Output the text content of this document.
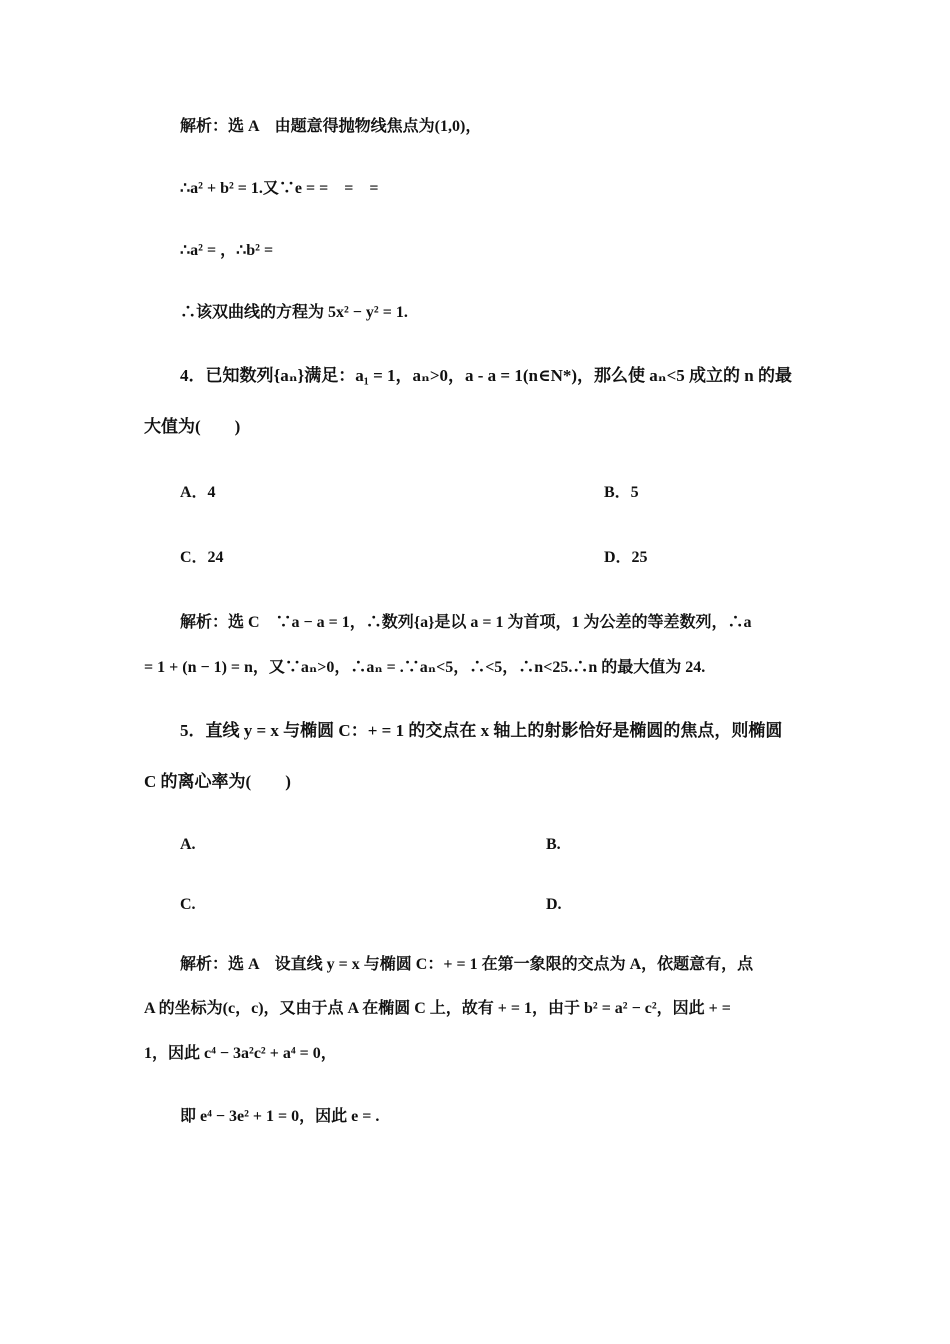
解析：选 A　由题意得抛物线焦点为(1,0)，
∴a² + b² = 1.又∵e = =　=　=
∴a² = ，∴b² =
∴该双曲线的方程为 5x² − y² = 1.
4．已知数列{aₙ}满足：a₁ = 1，aₙ>0，a - a = 1(n∈N*)，那么使 aₙ<5 成立的 n 的最
大值为(　　)
A．4	B．5
C．24	D．25
解析：选 C　∵a − a = 1，∴数列{a}是以 a = 1 为首项，1 为公差的等差数列，∴a
= 1 + (n − 1) = n，又∵aₙ>0，∴aₙ = .∵aₙ<5，∴<5，∴n<25.∴n 的最大值为 24.
5．直线 y = x 与椭圆 C：+ = 1 的交点在 x 轴上的射影恰好是椭圆的焦点，则椭圆
C 的离心率为(　　)
A.	B.
C.	D.
解析：选 A　设直线 y = x 与椭圆 C：+ = 1 在第一象限的交点为 A，依题意有，点
A 的坐标为(c，c)，又由于点 A 在椭圆 C 上，故有 + = 1，由于 b² = a² − c²，因此 + =
1，因此 c⁴ − 3a²c² + a⁴ = 0，
即 e⁴ − 3e² + 1 = 0，因此 e = .
